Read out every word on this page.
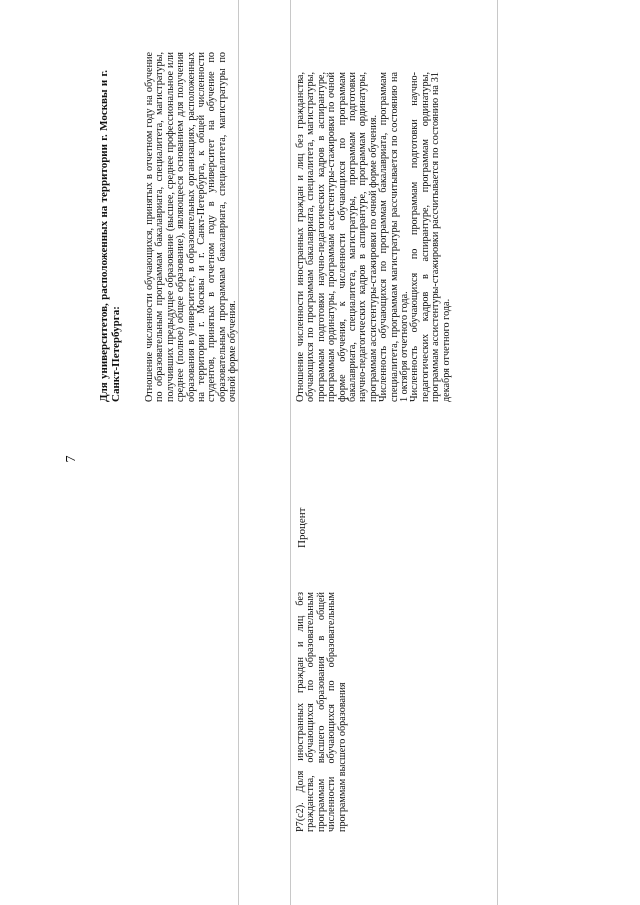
7
Для университетов, расположенных на территории г. Москвы и г. Санкт-Петербурга: Отношение численности обучающихся, принятых в отчетном году на обучение по образовательным программам бакалавриата, специалитета, магистратуры, получивших предыдущее образование (высшее, среднее профессиональное или среднее (полное) общее образование), являющееся основанием для получения образования в университете, в образовательных организациях, расположенных на территории г. Москвы и г. Санкт-Петербурга, к общей численности студентов, принятых в отчетном году в университет на обучение по образовательным программам бакалавриата, специалитета, магистратуры по очной форме обучения.	Отношение численности иностранных граждан и лиц без гражданства, обучающихся по программам бакалавриата, специалитета, магистратуры, программам подготовки научно-педагогических кадров в аспирантуре, программам ординатуры, программам ассистентуры-стажировки по очной форме обучения, к численности обучающихся по программам бакалавриата, специалитета, магистратуры, программам подготовки научно-педагогических кадров в аспирантуре, программам ординатуры, программам ассистентуры-стажировки по очной форме обучения. Численность обучающихся по программам бакалавриата, программам специалитета, программам магистратуры рассчитывается по состоянию на 1 октября отчетного года. Численность обучающихся по программам подготовки научно-педагогических кадров в аспирантуре, программам ординатуры, программам ассистентуры-стажировки рассчитывается по состоянию на 31 декабря отчетного года.

Процент
Р7(с2). Доля иностранных граждан и лиц без гражданства, обучающихся по образовательным программам высшего образования в общей численности обучающихся по образовательным программам высшего образования
